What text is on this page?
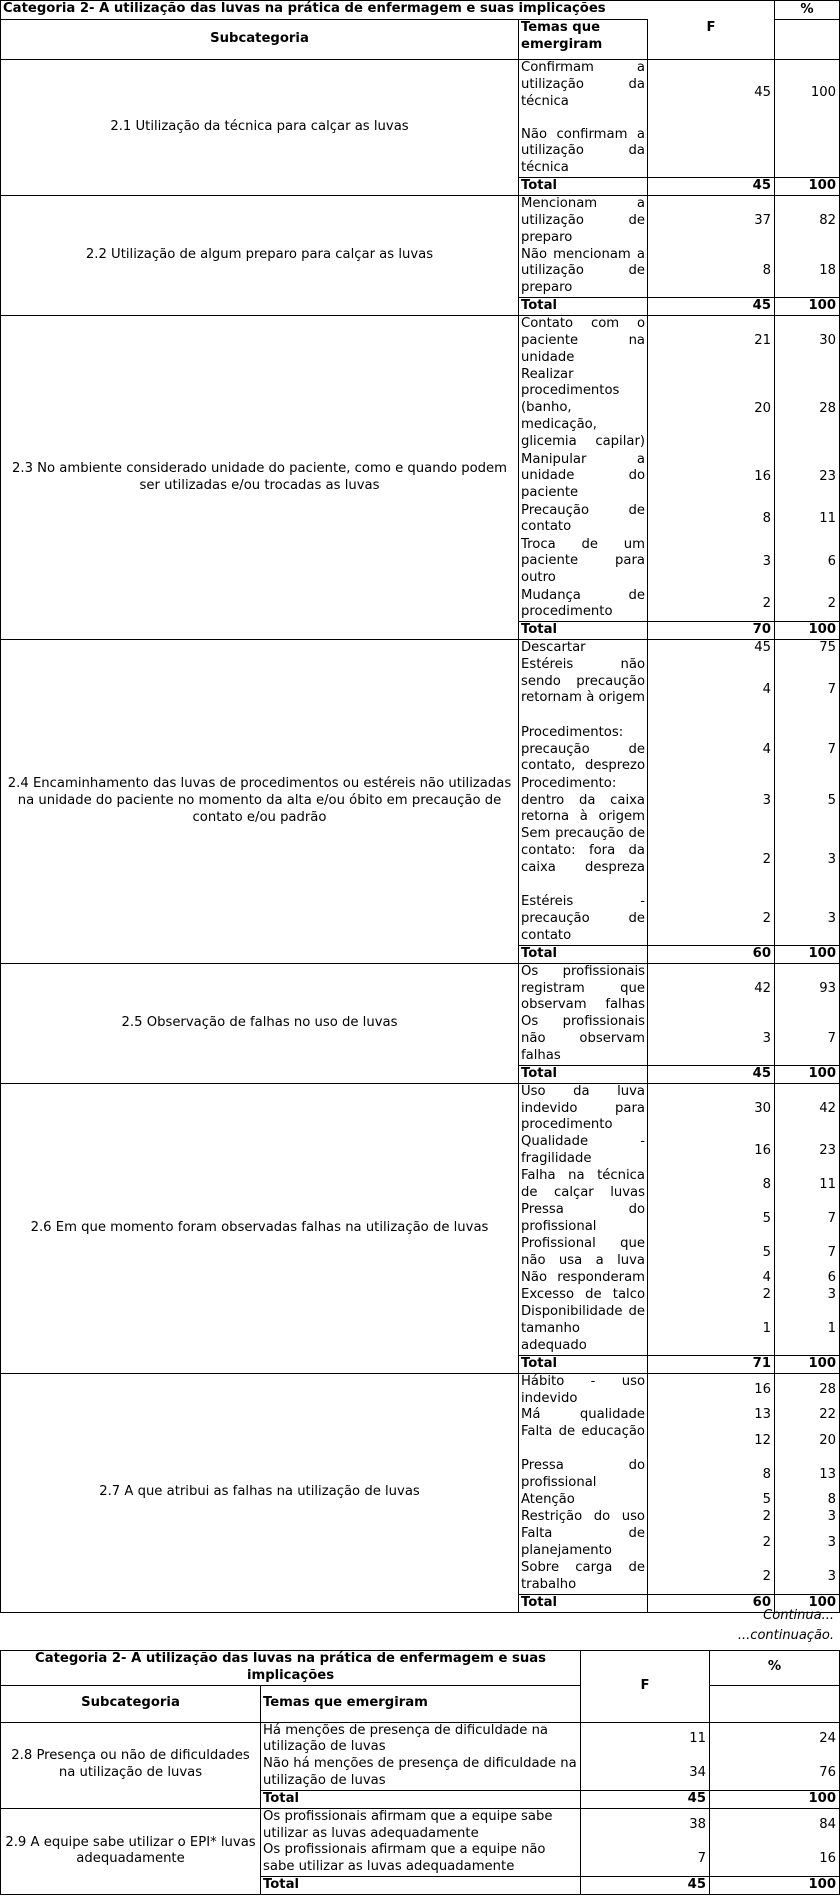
Categoria 2- A utilização das luvas na prática de enfermagem e suas implicações			%
Subcategoria	Temas que emergiram	F	
2.1 Utilização da técnica para calçar as luvas	Confirmam a utilização da técnica	45	100
	Não confirmam a utilização da técnica		
	Total	45	100
2.2 Utilização de algum preparo para calçar as luvas	Mencionam a utilização de preparo	37	82
	Não mencionam a utilização de preparo	8	18
	Total	45	100
2.3 No ambiente considerado unidade do paciente, como e quando podem ser utilizadas e/ou trocadas as luvas	Contato com o paciente na unidade	21	30
	Realizar procedimentos (banho, medicação, glicemia capilar)	20	28
	Manipular a unidade do paciente	16	23
	Precaução de contato	8	11
	Troca de um paciente para outro	3	6
	Mudança de procedimento	2	2
	Total	70	100
2.4 Encaminhamento das luvas de procedimentos ou estéreis não utilizadas na unidade do paciente no momento da alta e/ou óbito em precaução de contato e/ou padrão	Descartar	45	75
	Estéreis não sendo precaução retornam à origem	4	7
	Procedimentos: precaução de contato, desprezo	4	7
	Procedimento: dentro da caixa retorna à origem	3	5
	Sem precaução de contato: fora da caixa despreza	2	3
	Estéreis - precaução de contato	2	3
	Total	60	100
2.5 Observação de falhas no uso de luvas	Os profissionais registram que observam falhas	42	93
	Os profissionais não observam falhas	3	7
	Total	45	100
2.6 Em que momento foram observadas falhas na utilização de luvas	Uso da luva indevido para procedimento	30	42
	Qualidade - fragilidade	16	23
	Falha na técnica de calçar luvas	8	11
	Pressa do profissional	5	7
	Profissional que não usa a luva	5	7
	Não responderam	4	6
	Excesso de talco	2	3
	Disponibilidade de tamanho adequado	1	1
	Total	71	100
2.7 A que atribui as falhas na utilização de luvas	Hábito - uso indevido	16	28
	Má qualidade	13	22
	Falta de educação	12	20
	Pressa do profissional	8	13
	Atenção	5	8
	Restrição do uso	2	3
	Falta de planejamento	2	3
	Sobre carga de trabalho	2	3
	Total	60	100
Continua...
...continuação.
Categoria 2- A utilização das luvas na prática de enfermagem e suas implicações		F	%
Subcategoria	Temas que emergiram		
2.8 Presença ou não de dificuldades na utilização de luvas	Há menções de presença de dificuldade na utilização de luvas	11	24
	Não há menções de presença de dificuldade na utilização de luvas	34	76
	Total	45	100
2.9 A equipe sabe utilizar o EPI* luvas adequadamente	Os profissionais afirmam que a equipe sabe utilizar as luvas adequadamente	38	84
	Os profissionais afirmam que a equipe não sabe utilizar as luvas adequadamente	7	16
	Total	45	100
